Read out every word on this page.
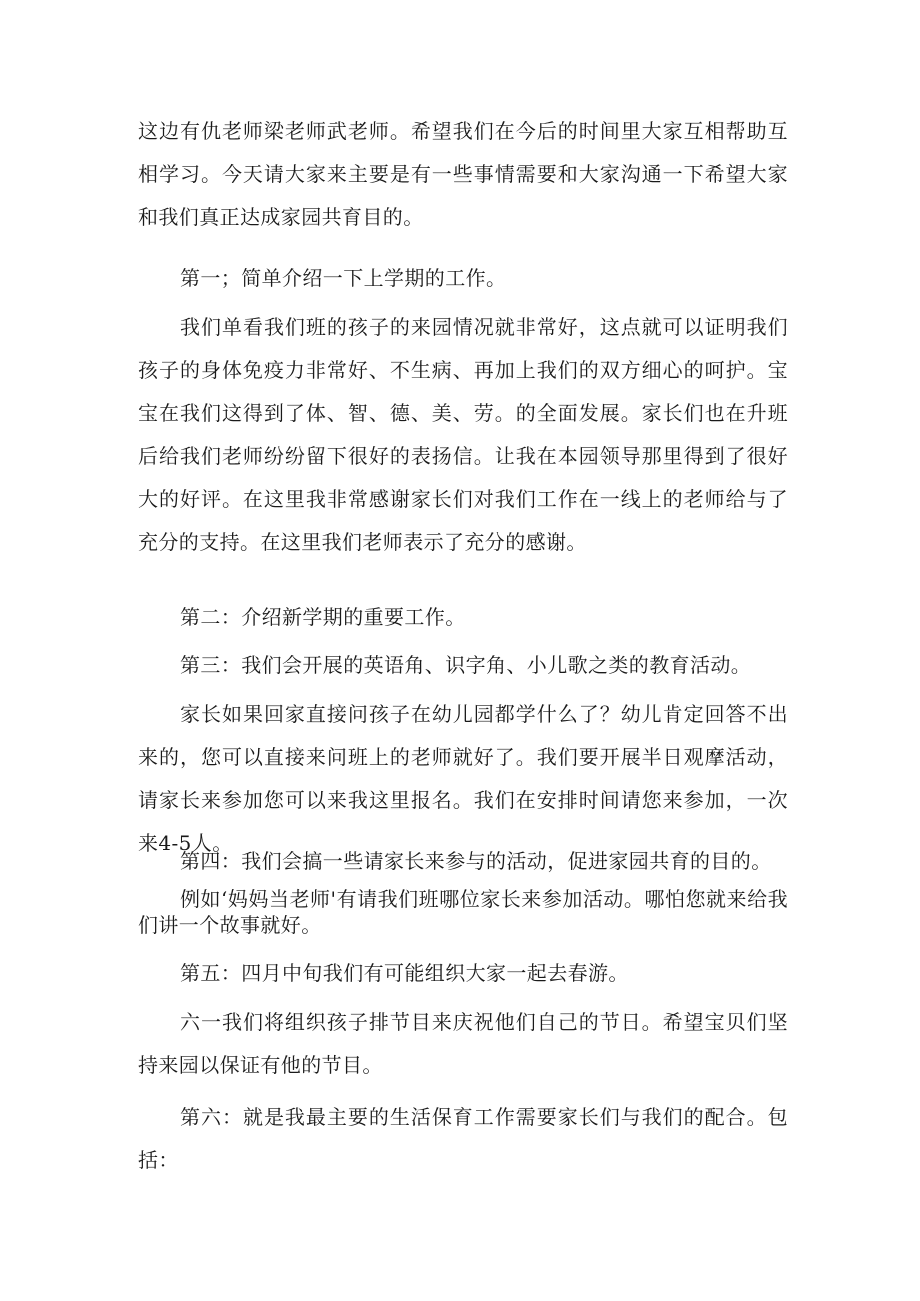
这边有仇老师梁老师武老师。希望我们在今后的时间里大家互相帮助互相学习。今天请大家来主要是有一些事情需要和大家沟通一下希望大家和我们真正达成家园共育目的。

第一；简单介绍一下上学期的工作。

我们单看我们班的孩子的来园情况就非常好，这点就可以证明我们孩子的身体免疫力非常好、不生病、再加上我们的双方细心的呵护。宝宝在我们这得到了体、智、德、美、劳。的全面发展。家长们也在升班后给我们老师纷纷留下很好的表扬信。让我在本园领导那里得到了很好大的好评。在这里我非常感谢家长们对我们工作在一线上的老师给与了充分的支持。在这里我们老师表示了充分的感谢。

第二：介绍新学期的重要工作。

第三：我们会开展的英语角、识字角、小儿歌之类的教育活动。

家长如果回家直接问孩子在幼儿园都学什么了？幼儿肯定回答不出来的，您可以直接来问班上的老师就好了。我们要开展半日观摩活动，请家长来参加您可以来我这里报名。我们在安排时间请您来参加，一次来4-5人。

第四：我们会搞一些请家长来参与的活动，促进家园共育的目的。

例如‘妈妈当老师'有请我们班哪位家长来参加活动。哪怕您就来给我们讲一个故事就好。

第五：四月中旬我们有可能组织大家一起去春游。

六一我们将组织孩子排节目来庆祝他们自己的节日。希望宝贝们坚持来园以保证有他的节目。

第六：就是我最主要的生活保育工作需要家长们与我们的配合。包括：
